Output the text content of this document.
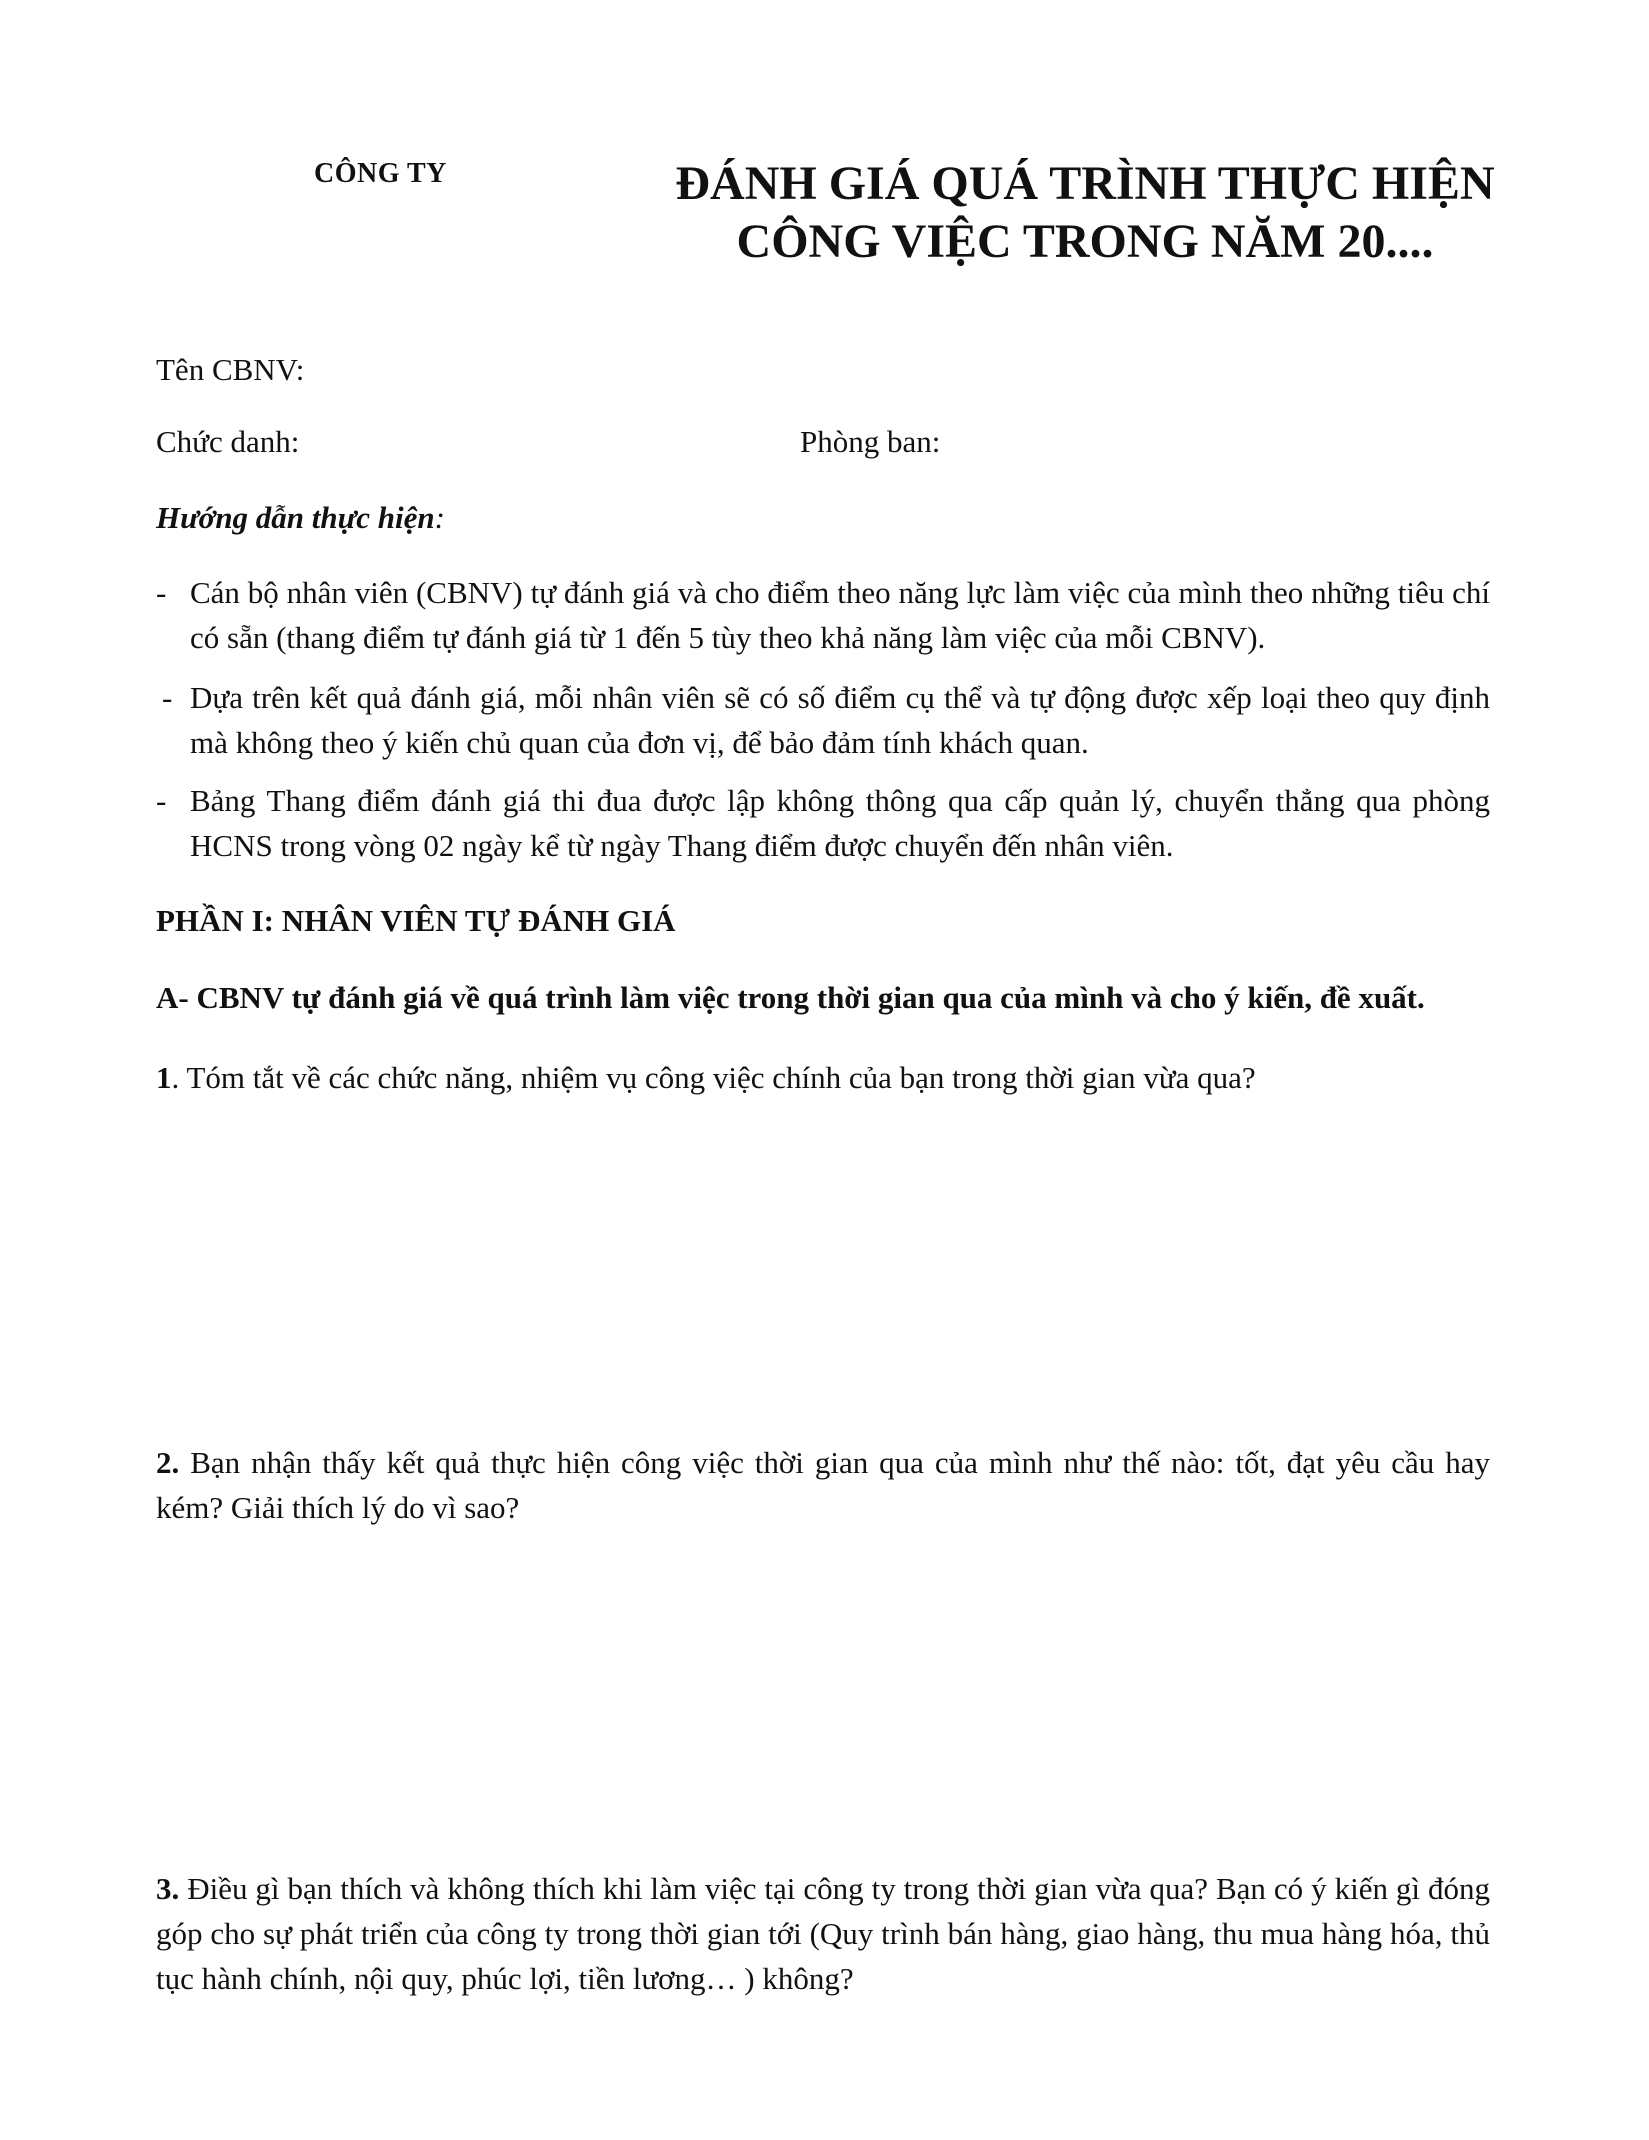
CÔNG TY	ĐÁNH GIÁ QUÁ TRÌNH THỰC HIỆN
CÔNG VIỆC TRONG NĂM 20....
Tên CBNV:
Chức danh:	Phòng ban:
Hướng dẫn thực hiện:
- Cán bộ nhân viên (CBNV) tự đánh giá và cho điểm theo năng lực làm việc của mình theo những tiêu chí có sẵn (thang điểm tự đánh giá từ 1 đến 5 tùy theo khả năng làm việc của mỗi CBNV).
- Dựa trên kết quả đánh giá, mỗi nhân viên sẽ có số điểm cụ thể và tự động được xếp loại theo quy định mà không theo ý kiến chủ quan của đơn vị, để bảo đảm tính khách quan.
- Bảng Thang điểm đánh giá thi đua được lập không thông qua cấp quản lý, chuyển thẳng qua phòng HCNS trong vòng 02 ngày kể từ ngày Thang điểm được chuyển đến nhân viên.
PHẦN I: NHÂN VIÊN TỰ ĐÁNH GIÁ
A- CBNV tự đánh giá về quá trình làm việc trong thời gian qua của mình và cho ý kiến, đề xuất.
1. Tóm tắt về các chức năng, nhiệm vụ công việc chính của bạn trong thời gian vừa qua?
2. Bạn nhận thấy kết quả thực hiện công việc thời gian qua của mình như thế nào: tốt, đạt yêu cầu hay kém? Giải thích lý do vì sao?
3. Điều gì bạn thích và không thích khi làm việc tại công ty trong thời gian vừa qua? Bạn có ý kiến gì đóng góp cho sự phát triển của công ty trong thời gian tới (Quy trình bán hàng, giao hàng, thu mua hàng hóa, thủ tục hành chính, nội quy, phúc lợi, tiền lương… ) không?
